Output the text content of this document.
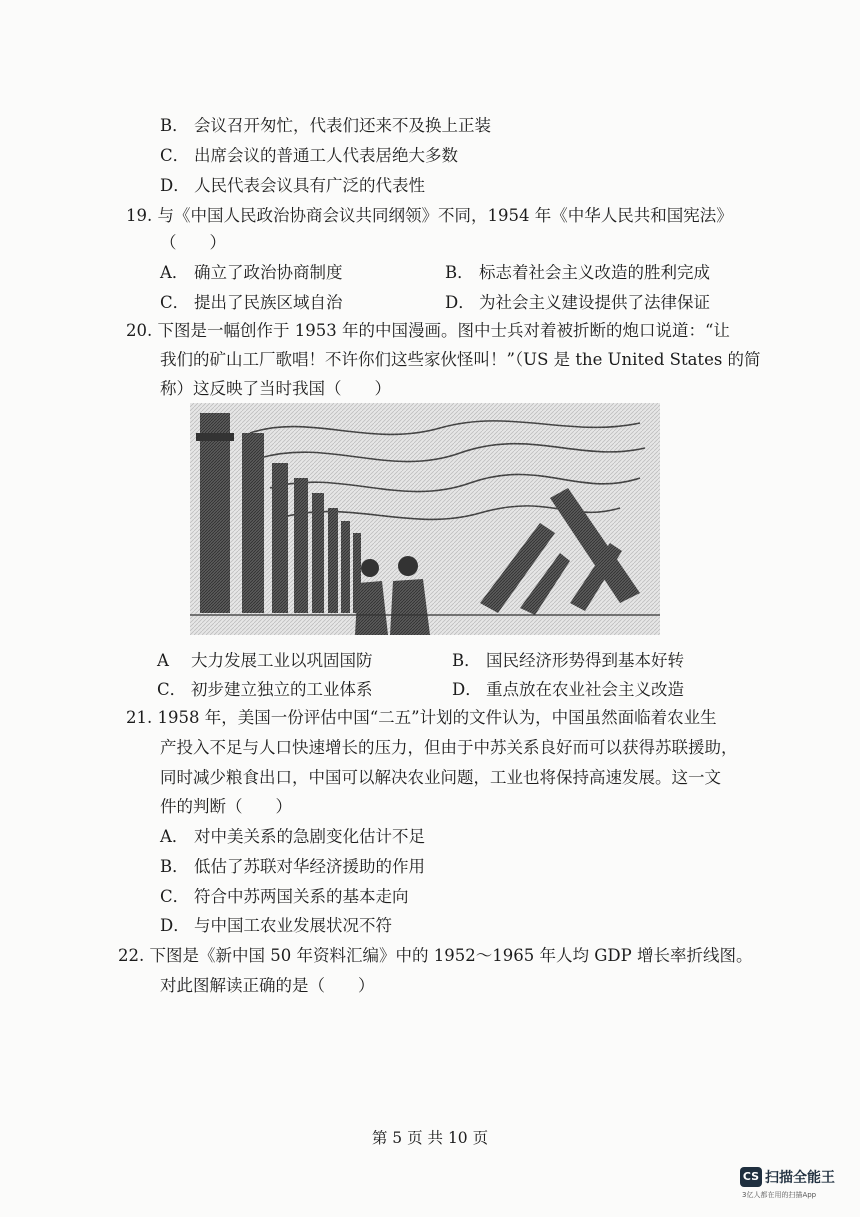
B． 会议召开匆忙，代表们还来不及换上正装
C． 出席会议的普通工人代表居绝大多数
D． 人民代表会议具有广泛的代表性
19. 与《中国人民政治协商会议共同纲领》不同，1954 年《中华人民共和国宪法》
（　　）
A． 确立了政治协商制度	B． 标志着社会主义改造的胜利完成
C． 提出了民族区域自治	D． 为社会主义建设提供了法律保证
20. 下图是一幅创作于 1953 年的中国漫画。图中士兵对着被折断的炮口说道：“让
我们的矿山工厂歌唱！不许你们这些家伙怪叫！”（US 是 the United States 的简
称）这反映了当时我国（　　）
A 大力发展工业以巩固国防	B． 国民经济形势得到基本好转
C． 初步建立独立的工业体系	D． 重点放在农业社会主义改造
21. 1958 年，美国一份评估中国“二五”计划的文件认为，中国虽然面临着农业生
产投入不足与人口快速增长的压力，但由于中苏关系良好而可以获得苏联援助，
同时减少粮食出口，中国可以解决农业问题，工业也将保持高速发展。这一文
件的判断（　　）
A． 对中美关系的急剧变化估计不足
B． 低估了苏联对华经济援助的作用
C． 符合中苏两国关系的基本走向
D． 与中国工农业发展状况不符
22. 下图是《新中国 50 年资料汇编》中的 1952～1965 年人均 GDP 增长率折线图。
对此图解读正确的是（　　）
第 5 页 共 10 页
CS 扫描全能王
3亿人都在用的扫描App
